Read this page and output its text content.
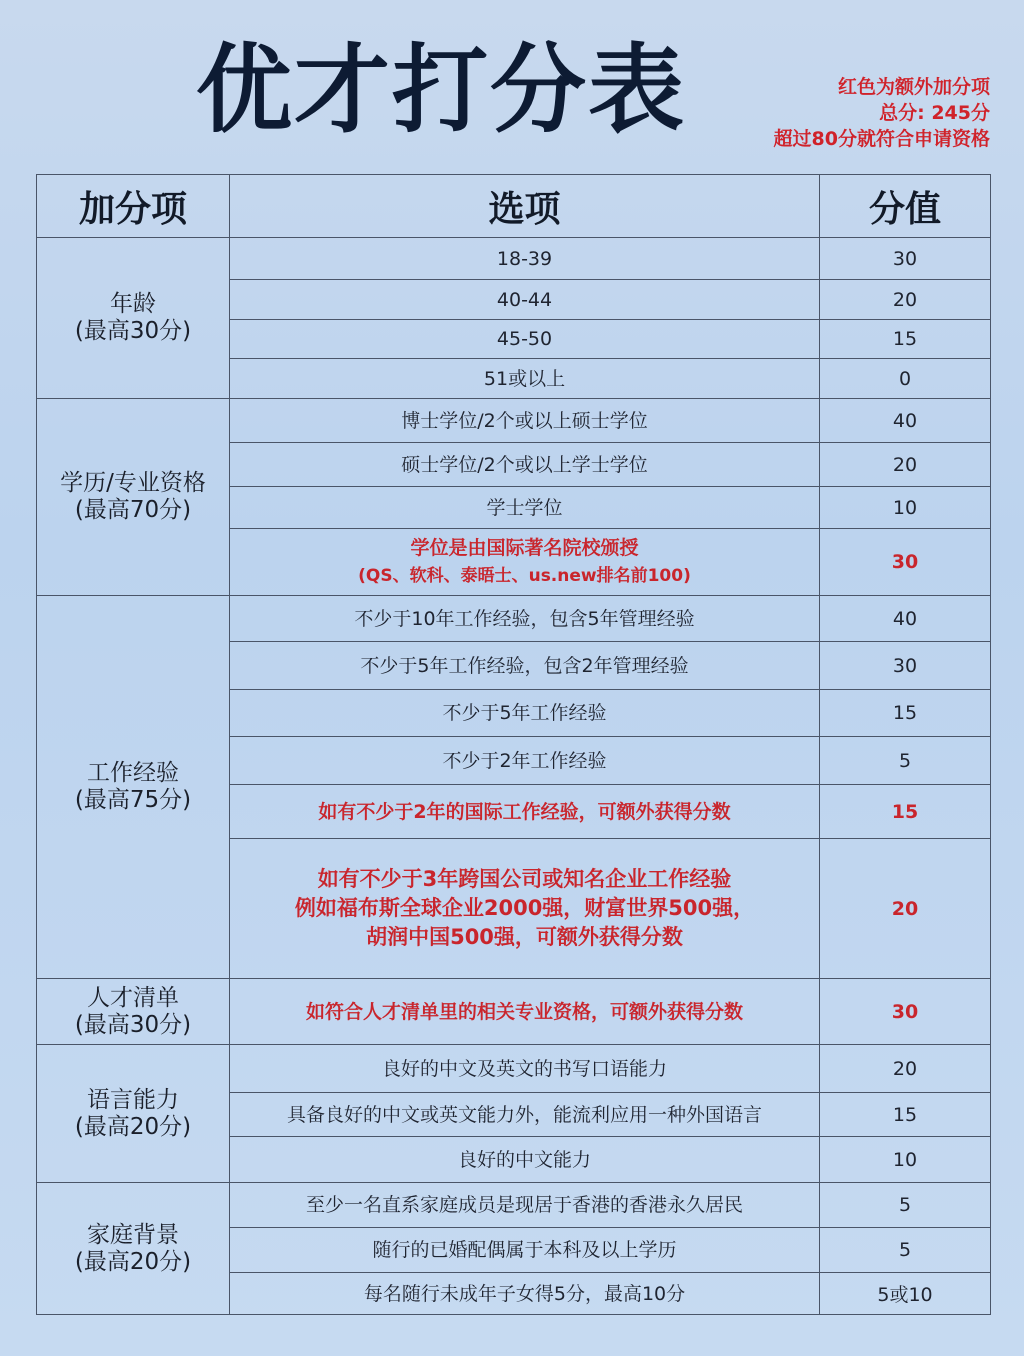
优才打分表	红色为额外加分项
总分: 245分
超过80分就符合申请资格
加分项	选项	分值

年龄
(最高30分)	18-39	30
	40-44	20
	45-50	15
	51或以上	0

学历/专业资格
(最高70分)	博士学位/2个或以上硕士学位	40
	硕士学位/2个或以上学士学位	20
	学士学位	10

	学位是由国际著名院校颁授
(QS、软科、泰晤士、us.new排名前100)	30

工作经验
(最高75分)	不少于10年工作经验，包含5年管理经验	40
	不少于5年工作经验，包含2年管理经验	30
	不少于5年工作经验	15
	不少于2年工作经验	5
	如有不少于2年的国际工作经验，可额外获得分数	15

	如有不少于3年跨国公司或知名企业工作经验
例如福布斯全球企业2000强，财富世界500强，
胡润中国500强，可额外获得分数	20

人才清单
(最高30分)	如符合人才清单里的相关专业资格，可额外获得分数	30

语言能力
(最高20分)	良好的中文及英文的书写口语能力	20
	具备良好的中文或英文能力外，能流利应用一种外国语言	15
	良好的中文能力	10

家庭背景
(最高20分)	至少一名直系家庭成员是现居于香港的香港永久居民	5
	随行的已婚配偶属于本科及以上学历	5
	每名随行未成年子女得5分，最高10分	5或10
